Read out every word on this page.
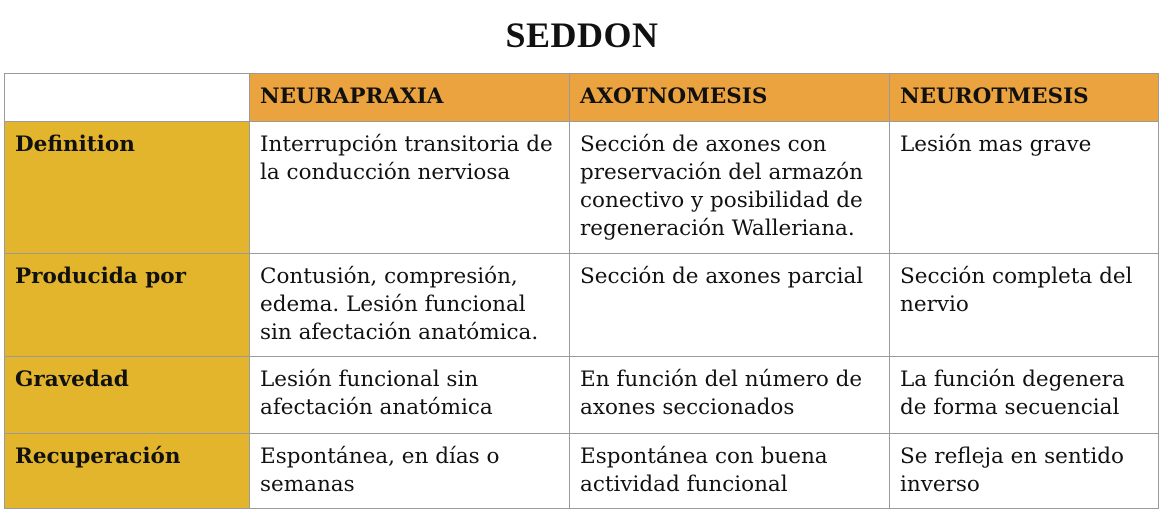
SEDDON
	NEURAPRAXIA	AXOTNOMESIS	NEUROTMESIS
Definition	Interrupción transitoria de la conducción nerviosa	Sección de axones con preservación del armazón conectivo y posibilidad de regeneración Walleriana.	Lesión mas grave
Producida por	Contusión, compresión, edema. Lesión funcional sin afectación anatómica.	Sección de axones parcial	Sección completa del nervio
Gravedad	Lesión funcional sin afectación anatómica	En función del número de axones seccionados	La función degenera de forma secuencial
Recuperación	Espontánea, en días o semanas	Espontánea con buena actividad funcional	Se refleja en sentido inverso
